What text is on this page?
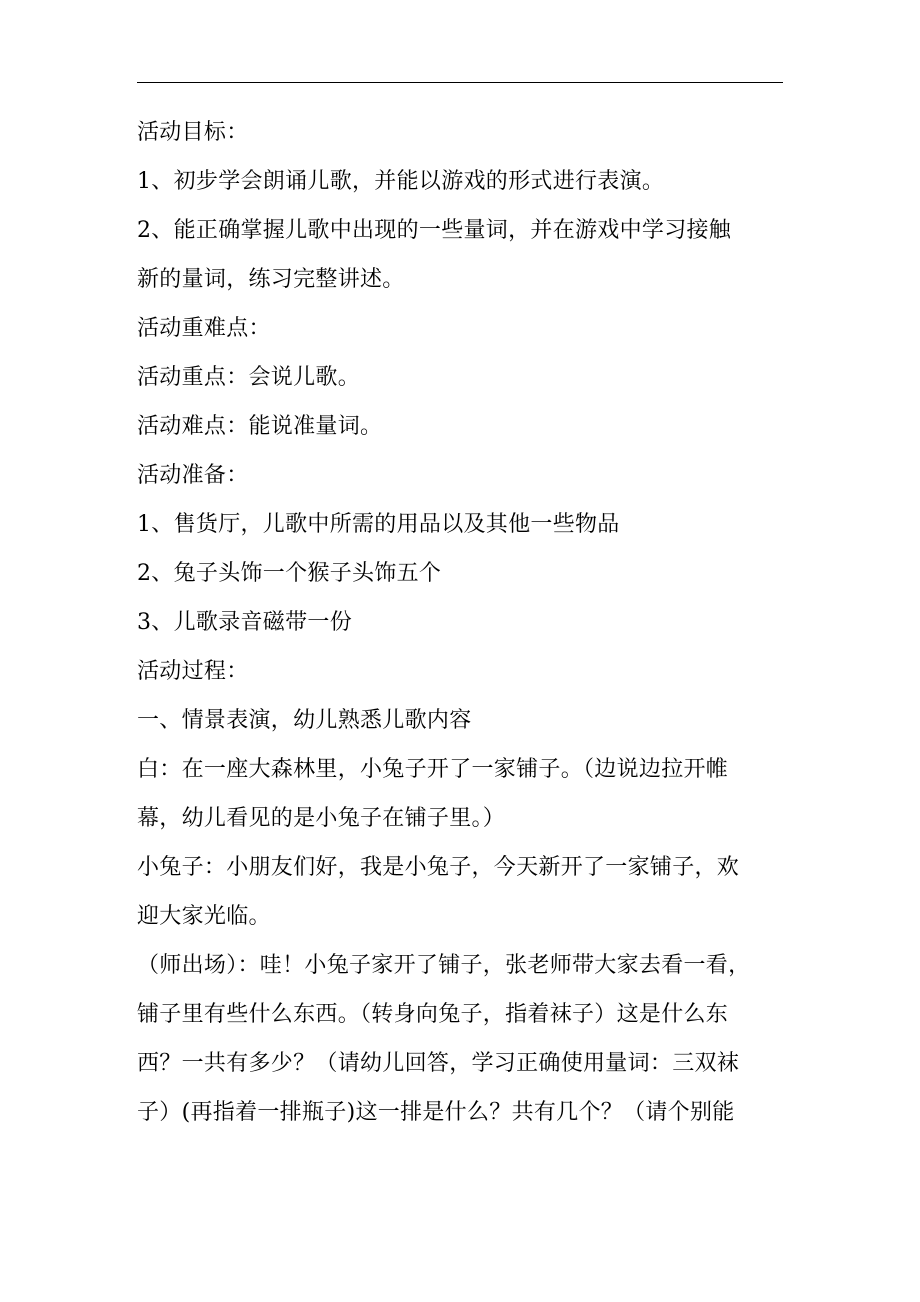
活动目标：
1、初步学会朗诵儿歌，并能以游戏的形式进行表演。
2、能正确掌握儿歌中出现的一些量词，并在游戏中学习接触
新的量词，练习完整讲述。
活动重难点：
活动重点：会说儿歌。
活动难点：能说准量词。
活动准备：
1、售货厅，儿歌中所需的用品以及其他一些物品
2、兔子头饰一个猴子头饰五个
3、儿歌录音磁带一份
活动过程：
一、情景表演，幼儿熟悉儿歌内容
白：在一座大森林里，小兔子开了一家铺子。（边说边拉开帷
幕，幼儿看见的是小兔子在铺子里。）
小兔子：小朋友们好，我是小兔子，今天新开了一家铺子，欢
迎大家光临。
（师出场）：哇！小兔子家开了铺子，张老师带大家去看一看，
铺子里有些什么东西。（转身向兔子，指着袜子）这是什么东
西？一共有多少？（请幼儿回答，学习正确使用量词：三双袜
子）(再指着一排瓶子)这一排是什么？共有几个？（请个别能
